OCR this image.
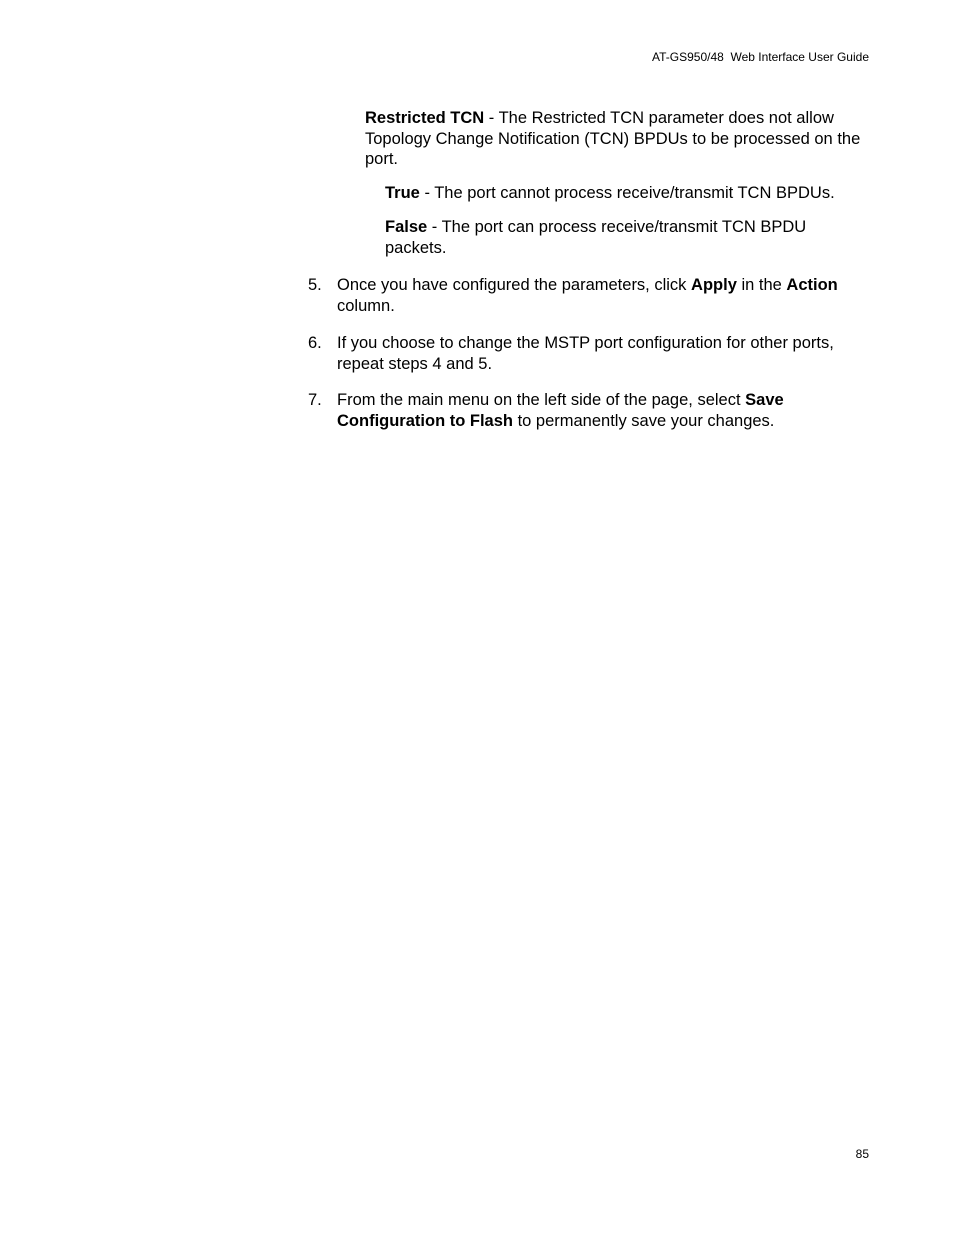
AT-GS950/48  Web Interface User Guide

Restricted TCN - The Restricted TCN parameter does not allow Topology Change Notification (TCN) BPDUs to be processed on the port.

True - The port cannot process receive/transmit TCN BPDUs.

False - The port can process receive/transmit TCN BPDU packets.

5. Once you have configured the parameters, click Apply in the Action column.
6. If you choose to change the MSTP port configuration for other ports, repeat steps 4 and 5.
7. From the main menu on the left side of the page, select Save Configuration to Flash to permanently save your changes.
85
